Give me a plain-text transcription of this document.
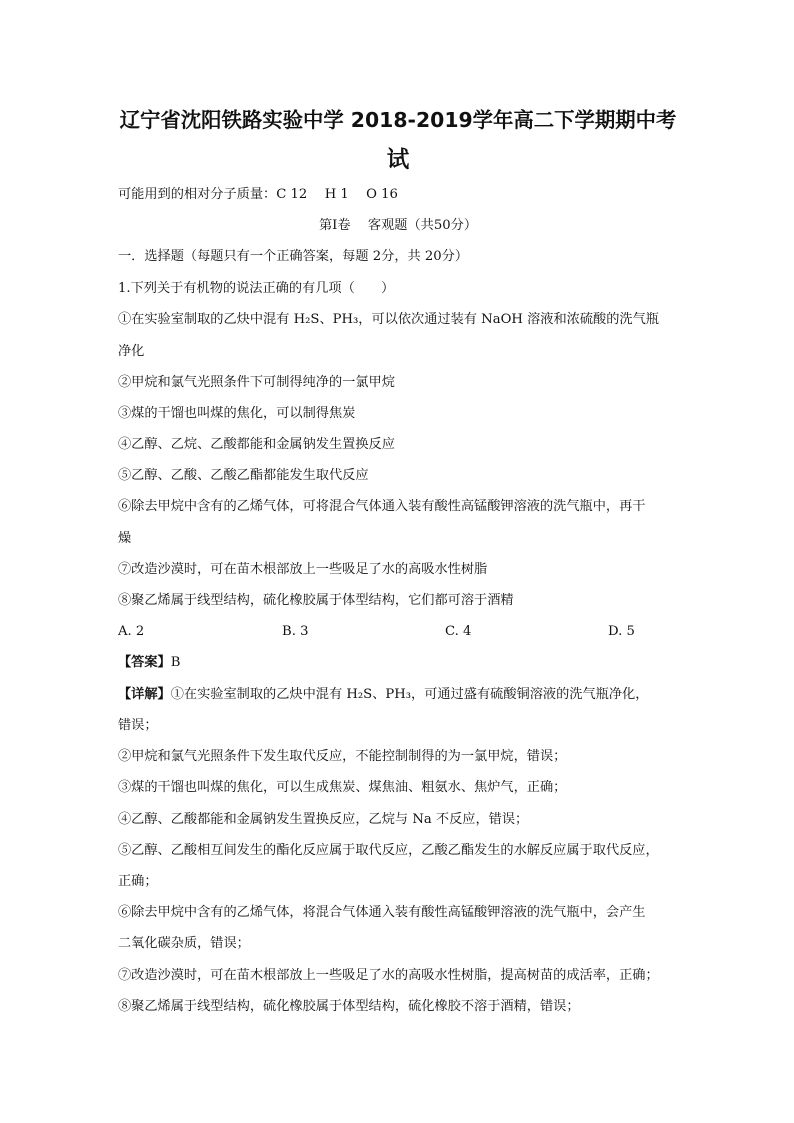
辽宁省沈阳铁路实验中学 2018-2019学年高二下学期期中考
试
可能用到的相对分子质量：C 12　 H 1　 O 16
第Ⅰ卷　 客观题（共50分）
一．选择题（每题只有一个正确答案，每题 2分，共 20分）
1.下列关于有机物的说法正确的有几项（　　）
①在实验室制取的乙炔中混有 H₂S、PH₃，可以依次通过装有 NaOH 溶液和浓硫酸的洗气瓶
净化
②甲烷和氯气光照条件下可制得纯净的一氯甲烷
③煤的干馏也叫煤的焦化，可以制得焦炭
④乙醇、乙烷、乙酸都能和金属钠发生置换反应
⑤乙醇、乙酸、乙酸乙酯都能发生取代反应
⑥除去甲烷中含有的乙烯气体，可将混合气体通入装有酸性高锰酸钾溶液的洗气瓶中，再干
燥
⑦改造沙漠时，可在苗木根部放上一些吸足了水的高吸水性树脂
⑧聚乙烯属于线型结构，硫化橡胶属于体型结构，它们都可溶于酒精
A. 2	B. 3	C. 4	D. 5
【答案】B
【详解】①在实验室制取的乙炔中混有 H₂S、PH₃，可通过盛有硫酸铜溶液的洗气瓶净化，
错误；
②甲烷和氯气光照条件下发生取代反应，不能控制制得的为一氯甲烷，错误；
③煤的干馏也叫煤的焦化，可以生成焦炭、煤焦油、粗氨水、焦炉气，正确；
④乙醇、乙酸都能和金属钠发生置换反应，乙烷与 Na 不反应，错误；
⑤乙醇、乙酸相互间发生的酯化反应属于取代反应，乙酸乙酯发生的水解反应属于取代反应，
正确；
⑥除去甲烷中含有的乙烯气体，将混合气体通入装有酸性高锰酸钾溶液的洗气瓶中，会产生
二氧化碳杂质，错误；
⑦改造沙漠时，可在苗木根部放上一些吸足了水的高吸水性树脂，提高树苗的成活率，正确；
⑧聚乙烯属于线型结构，硫化橡胶属于体型结构，硫化橡胶不溶于酒精，错误；
